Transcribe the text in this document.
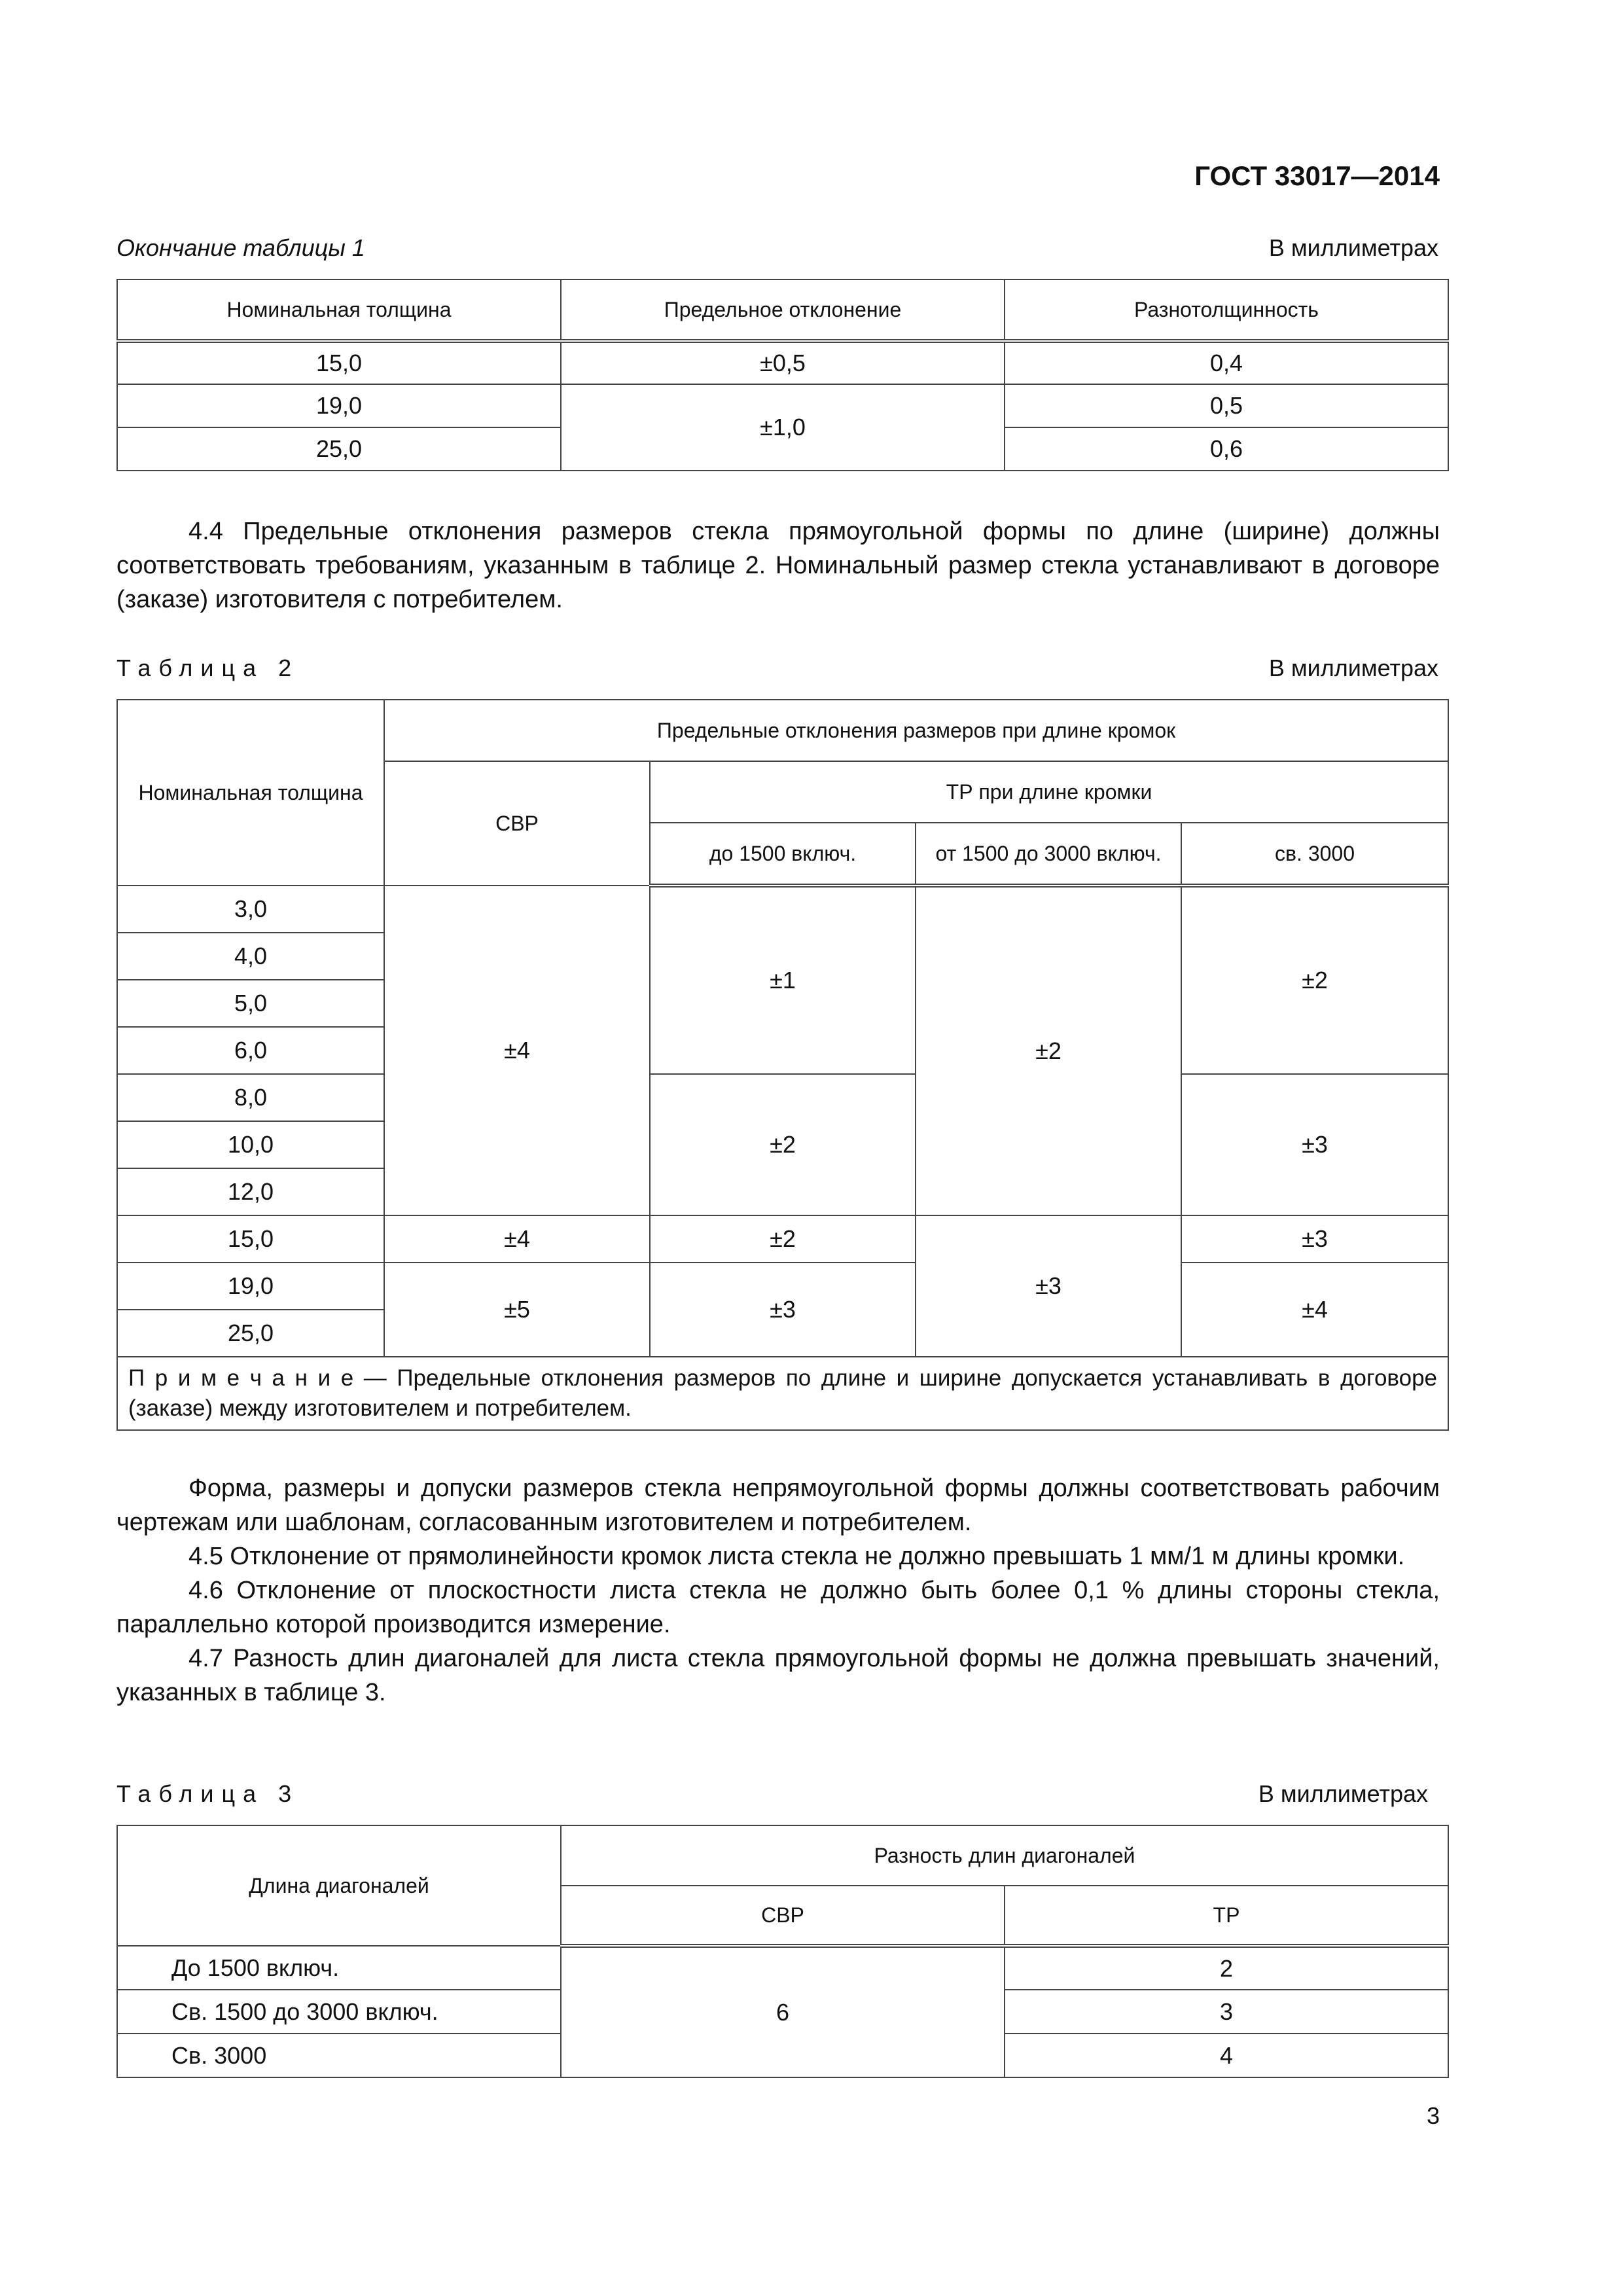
ГОСТ 33017—2014
Окончание таблицы 1	В миллиметрах
Номинальная толщина	Предельное отклонение	Разнотолщинность
15,0	±0,5	0,4
19,0	±1,0	0,5
25,0		0,6

4.4 Предельные отклонения размеров стекла прямоугольной формы по длине (ширине) должны соответствовать требованиям, указанным в таблице 2. Номинальный размер стекла устанавливают в договоре (заказе) изготовителя с потребителем.

Таблица 2	В миллиметрах
Номинальная толщина	Предельные отклонения размеров при длине кромок			
	СВР	ТР при длине кромки		
		до 1500 включ.	от 1500 до 3000 включ.	св. 3000
3,0	±4	±1	±2	±2
4,0				
5,0				
6,0				
8,0		±2		±3
10,0				
12,0				
15,0	±4	±2	±3	±3
19,0	±5	±3		±4
25,0				
П р и м е ч а н и е — Предельные отклонения размеров по длине и ширине допускается устанавливать в договоре (заказе) между изготовителем и потребителем.				

Форма, размеры и допуски размеров стекла непрямоугольной формы должны соответствовать рабочим чертежам или шаблонам, согласованным изготовителем и потребителем.

4.5 Отклонение от прямолинейности кромок листа стекла не должно превышать 1 мм/1 м длины кромки.

4.6 Отклонение от плоскостности листа стекла не должно быть более 0,1 % длины стороны стекла, параллельно которой производится измерение.

4.7 Разность длин диагоналей для листа стекла прямоугольной формы не должна превышать значений, указанных в таблице 3.

Таблица 3	В миллиметрах
Длина диагоналей	Разность длин диагоналей	
	СВР	ТР
До 1500 включ.	6	2
Св. 1500 до 3000 включ.		3
Св. 3000		4
3
